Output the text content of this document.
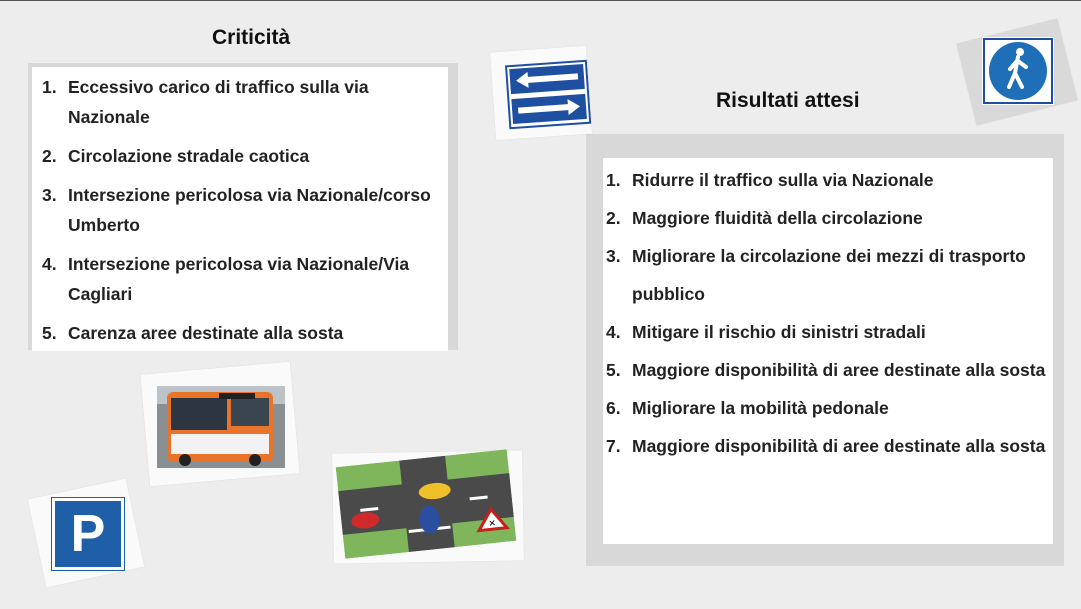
Criticità
1. Eccessivo carico di traffico sulla via Nazionale
2. Circolazione stradale caotica
3. Intersezione pericolosa via Nazionale/corso Umberto
4. Intersezione pericolosa via Nazionale/Via Cagliari
5. Carenza aree destinate alla sosta
Risultati attesi
1. Ridurre il traffico sulla via Nazionale
2. Maggiore fluidità della circolazione
3. Migliorare la circolazione dei mezzi di trasporto pubblico
4. Mitigare il rischio di sinistri stradali
5. Maggiore disponibilità di aree destinate alla sosta
6. Migliorare la mobilità pedonale
7. Maggiore disponibilità di aree destinate alla sosta
P	✕
